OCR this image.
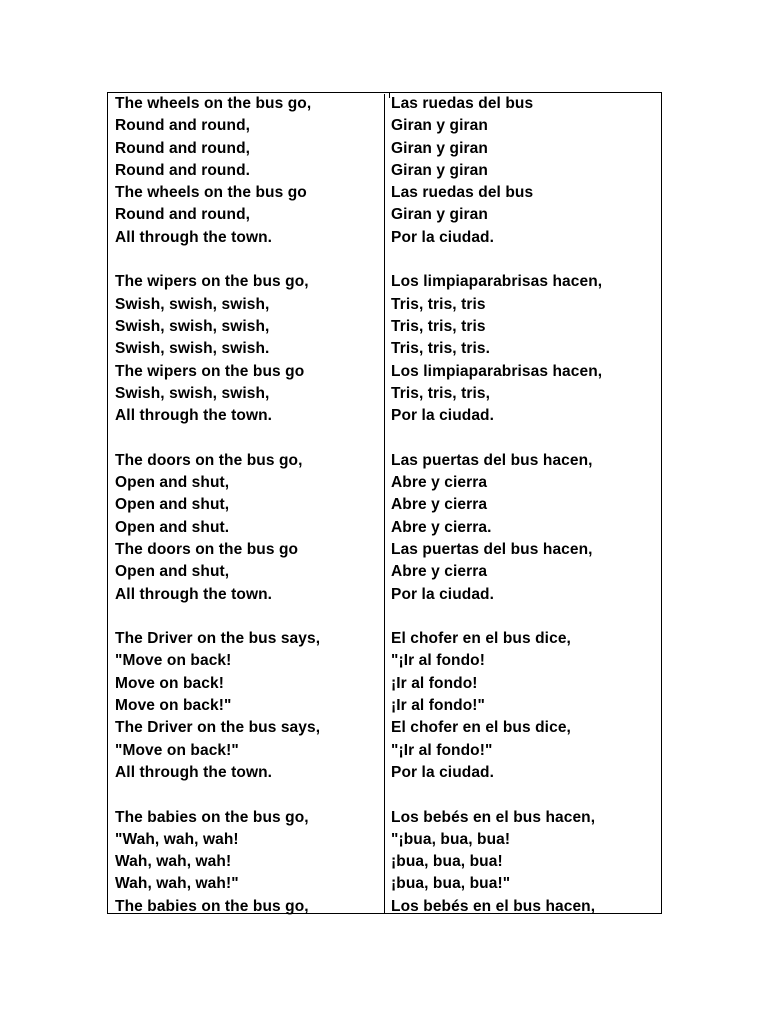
The wheels on the bus go,
Round and round,
Round and round,
Round and round.
The wheels on the bus go
Round and round,
All through the town.
The wipers on the bus go,
Swish, swish, swish,
Swish, swish, swish,
Swish, swish, swish.
The wipers on the bus go
Swish, swish, swish,
All through the town.
The doors on the bus go,
Open and shut,
Open and shut,
Open and shut.
The doors on the bus go
Open and shut,
All through the town.
The Driver on the bus says,
"Move on back!
Move on back!
Move on back!"
The Driver on the bus says,
"Move on back!"
All through the town.
The babies on the bus go,
"Wah, wah, wah!
Wah, wah, wah!
Wah, wah, wah!"
The babies on the bus go,
Las ruedas del bus
Giran y giran
Giran y giran
Giran y giran
Las ruedas del bus
Giran y giran
Por la ciudad.
Los limpiaparabrisas hacen,
Tris, tris, tris
Tris, tris, tris
Tris, tris, tris.
Los limpiaparabrisas hacen,
Tris, tris, tris,
Por la ciudad.
Las puertas del bus hacen,
Abre y cierra
Abre y cierra
Abre y cierra.
Las puertas del bus hacen,
Abre y cierra
Por la ciudad.
El chofer en el bus dice,
"¡Ir al fondo!
¡Ir al fondo!
¡Ir al fondo!"
El chofer en el bus dice,
"¡Ir al fondo!"
Por la ciudad.
Los bebés en el bus hacen,
"¡bua, bua, bua!
¡bua, bua, bua!
¡bua, bua, bua!"
Los bebés en el bus hacen,
